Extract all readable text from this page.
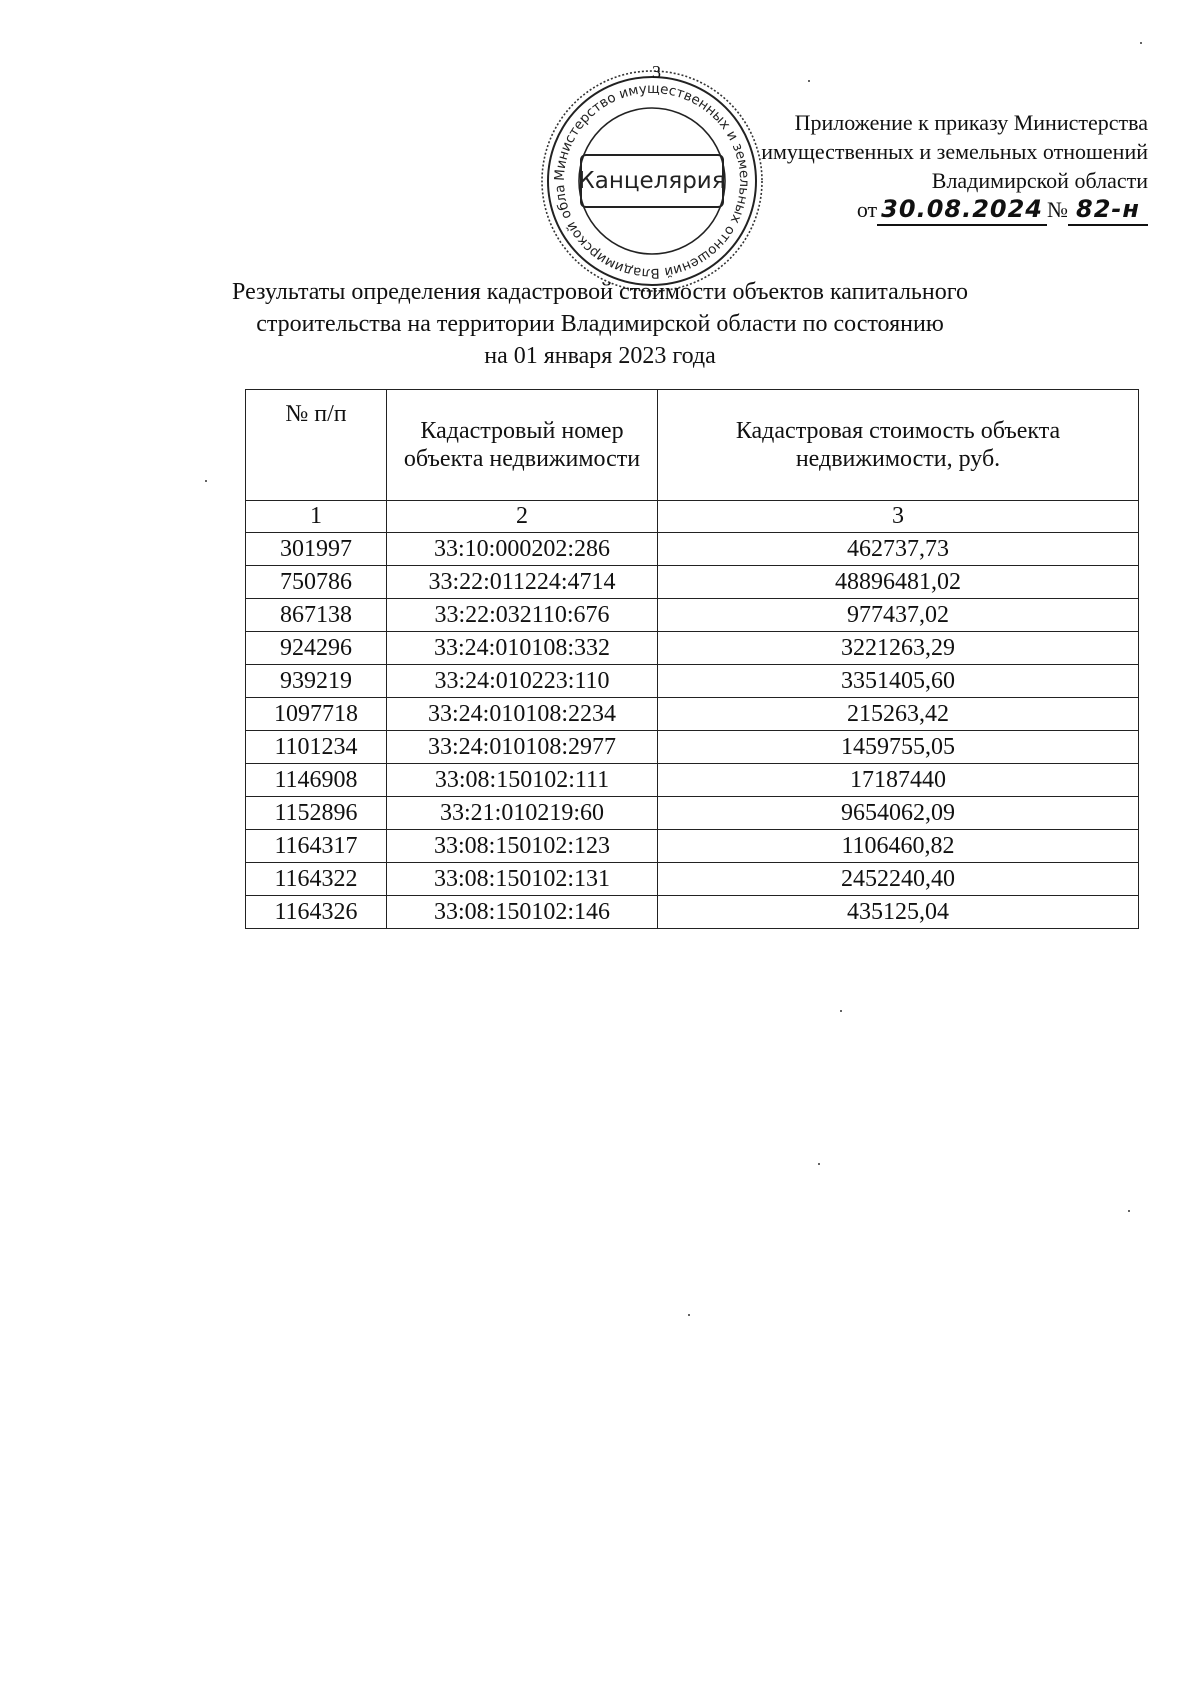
Министерство имущественных и земельных отношений Владимирской обла Канцелярия
3
Приложение к приказу Министерства
имущественных и земельных отношений
Владимирской области
от 30.08.2024 № 82-н
Результаты определения кадастровой стоимости объектов капитального
строительства на территории Владимирской области по состоянию
на 01 января 2023 года
№ п/п	Кадастровый номер объекта недвижимости	Кадастровая стоимость объекта недвижимости, руб.
1	2	3
301997	33:10:000202:286	462737,73
750786	33:22:011224:4714	48896481,02
867138	33:22:032110:676	977437,02
924296	33:24:010108:332	3221263,29
939219	33:24:010223:110	3351405,60
1097718	33:24:010108:2234	215263,42
1101234	33:24:010108:2977	1459755,05
1146908	33:08:150102:111	17187440
1152896	33:21:010219:60	9654062,09
1164317	33:08:150102:123	1106460,82
1164322	33:08:150102:131	2452240,40
1164326	33:08:150102:146	435125,04
